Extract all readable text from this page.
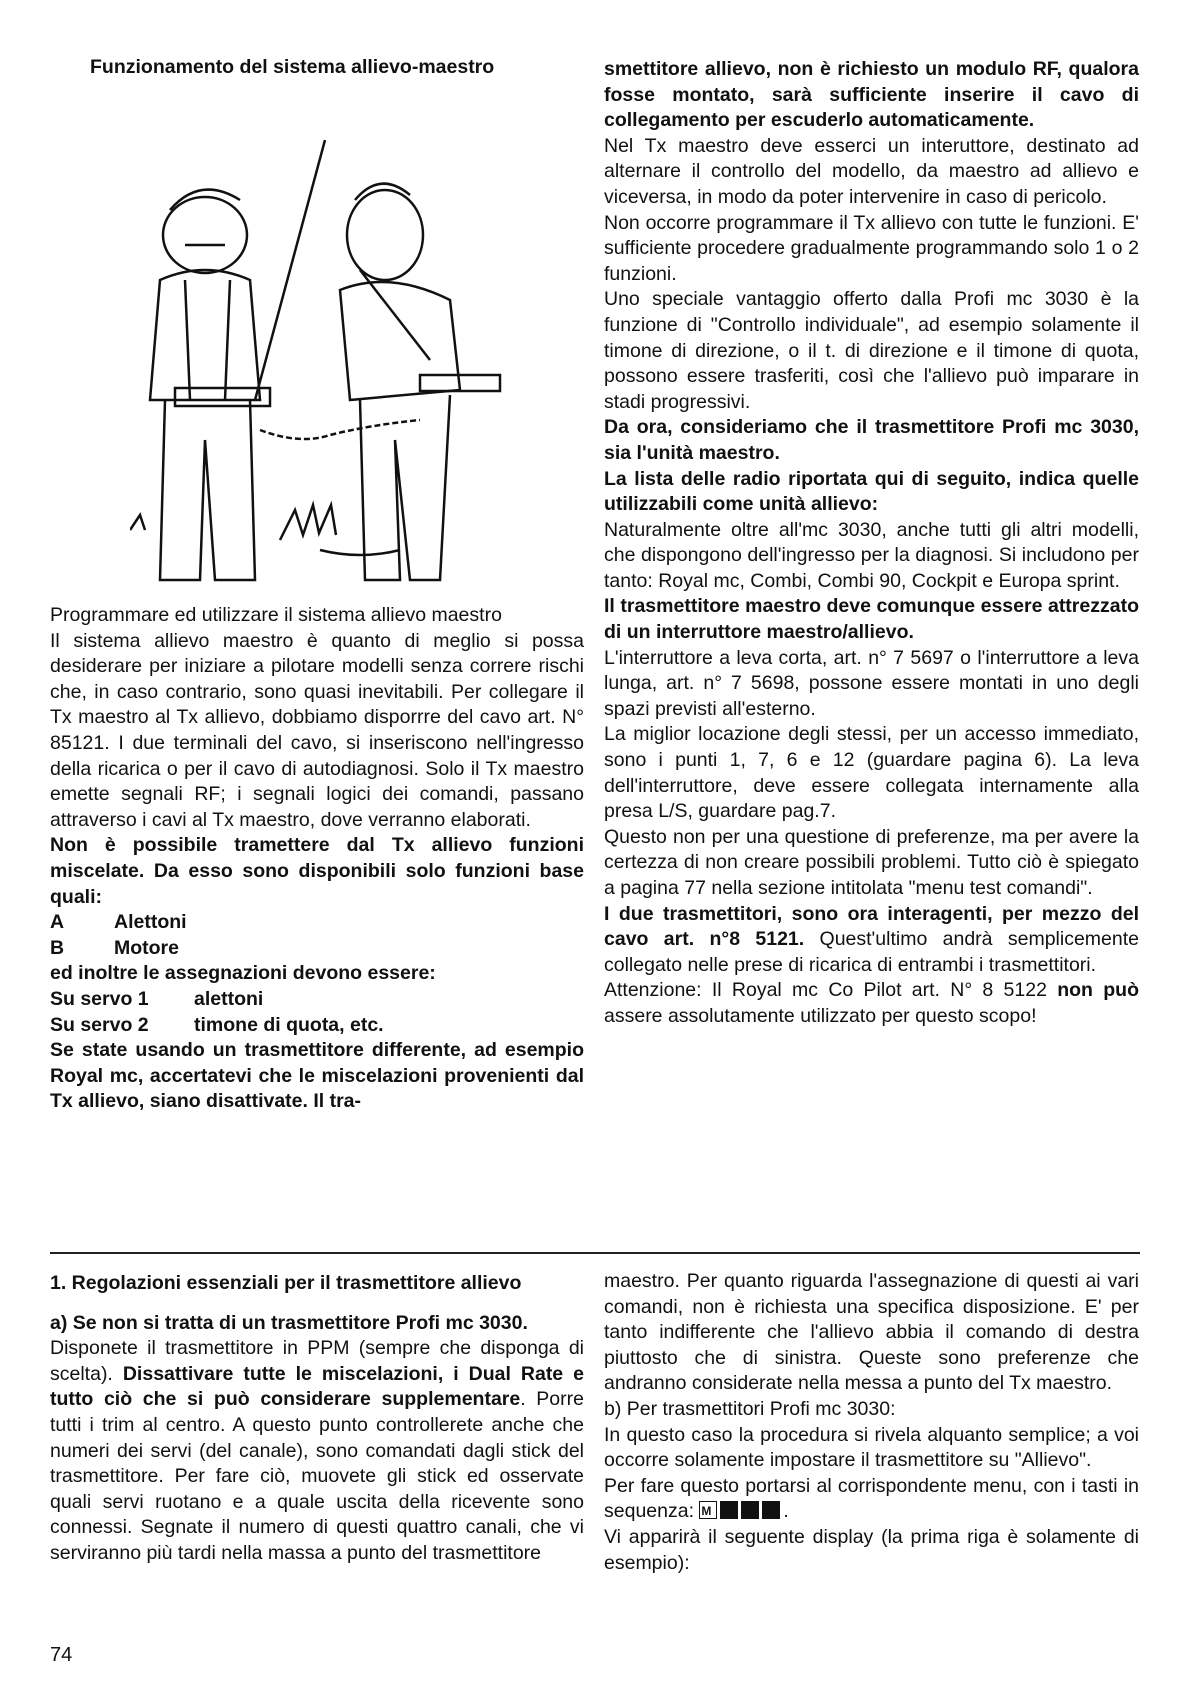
Funzionamento del sistema allievo-maestro

Programmare ed utilizzare il sistema allievo maestro

Il sistema allievo maestro è quanto di meglio si possa desiderare per iniziare a pilotare modelli senza correre rischi che, in caso contrario, sono quasi inevitabili. Per collegare il Tx maestro al Tx allievo, dobbiamo disporrre del cavo art. N° 85121. I due terminali del cavo, si inseriscono nell'ingresso della ricarica o per il cavo di autodiagnosi. Solo il Tx maestro emette segnali RF; i segnali logici dei comandi, passano attraverso i cavi al Tx maestro, dove verranno elaborati.

Non è possibile tramettere dal Tx allievo funzioni miscelate. Da esso sono disponibili solo funzioni base quali:

A	Alettoni
B	Motore

ed inoltre le assegnazioni devono essere:

Su servo 1	alettoni
Su servo 2	timone di quota, etc.

Se state usando un trasmettitore differente, ad esempio Royal mc, accertatevi che le miscelazioni provenienti dal Tx allievo, siano disattivate. Il tra-

smettitore allievo, non è richiesto un modulo RF, qualora fosse montato, sarà sufficiente inserire il cavo di collegamento per escuderlo automaticamente.

Nel Tx maestro deve esserci un interuttore, destinato ad alternare il controllo del modello, da maestro ad allievo e viceversa, in modo da poter intervenire in caso di pericolo.

Non occorre programmare il Tx allievo con tutte le funzioni. E' sufficiente procedere gradualmente programmando solo 1 o 2 funzioni.

Uno speciale vantaggio offerto dalla Profi mc 3030 è la funzione di "Controllo individuale", ad esempio solamente il timone di direzione, o il t. di direzione e il timone di quota, possono essere trasferiti, così che l'allievo può imparare in stadi progressivi.

Da ora, consideriamo che il trasmettitore Profi mc 3030, sia l'unità maestro.

La lista delle radio riportata qui di seguito, indica quelle utilizzabili come unità allievo:

Naturalmente oltre all'mc 3030, anche tutti gli altri modelli, che dispongono dell'ingresso per la diagnosi. Si includono per tanto: Royal mc, Combi, Combi 90, Cockpit e Europa sprint.

Il trasmettitore maestro deve comunque essere attrezzato di un interruttore maestro/allievo.

L'interruttore a leva corta, art. n° 7 5697 o l'interruttore a leva lunga, art. n° 7 5698, possone essere montati in uno degli spazi previsti all'esterno.

La miglior locazione degli stessi, per un accesso immediato, sono i punti 1, 7, 6 e 12 (guardare pagina 6). La leva dell'interruttore, deve essere collegata internamente alla presa L/S, guardare pag.7.

Questo non per una questione di preferenze, ma per avere la certezza di non creare possibili problemi. Tutto ciò è spiegato a pagina 77 nella sezione intitolata "menu test comandi".

I due trasmettitori, sono ora interagenti, per mezzo del cavo art. n°8 5121. Quest'ultimo andrà semplicemente collegato nelle prese di ricarica di entrambi i trasmettitori.

Attenzione: Il Royal mc Co Pilot art. N° 8 5122 non può assere assolutamente utilizzato per questo scopo!

1. Regolazioni essenziali per il trasmettitore allievo

a) Se non si tratta di un trasmettitore Profi mc 3030.

Disponete il trasmettitore in PPM (sempre che disponga di scelta). Dissattivare tutte le miscelazioni, i Dual Rate e tutto ciò che si può considerare supplementare. Porre tutti i trim al centro. A questo punto controllerete anche che numeri dei servi (del canale), sono comandati dagli stick del trasmettitore. Per fare ciò, muovete gli stick ed osservate quali servi ruotano e a quale uscita della ricevente sono connessi. Segnate il numero di questi quattro canali, che vi serviranno più tardi nella massa a punto del trasmettitore

maestro. Per quanto riguarda l'assegnazione di questi ai vari comandi, non è richiesta una specifica disposizione. E' per tanto indifferente che l'allievo abbia il comando di destra piuttosto che di sinistra. Queste sono preferenze che andranno considerate nella messa a punto del Tx maestro.

b) Per trasmettitori Profi mc 3030:

In questo caso la procedura si rivela alquanto semplice; a voi occorre solamente impostare il trasmettitore su "Allievo".

Per fare questo portarsi al corrispondente menu, con i tasti in sequenza: M	.

Vi apparirà il seguente display (la prima riga è solamente di esempio):

74
